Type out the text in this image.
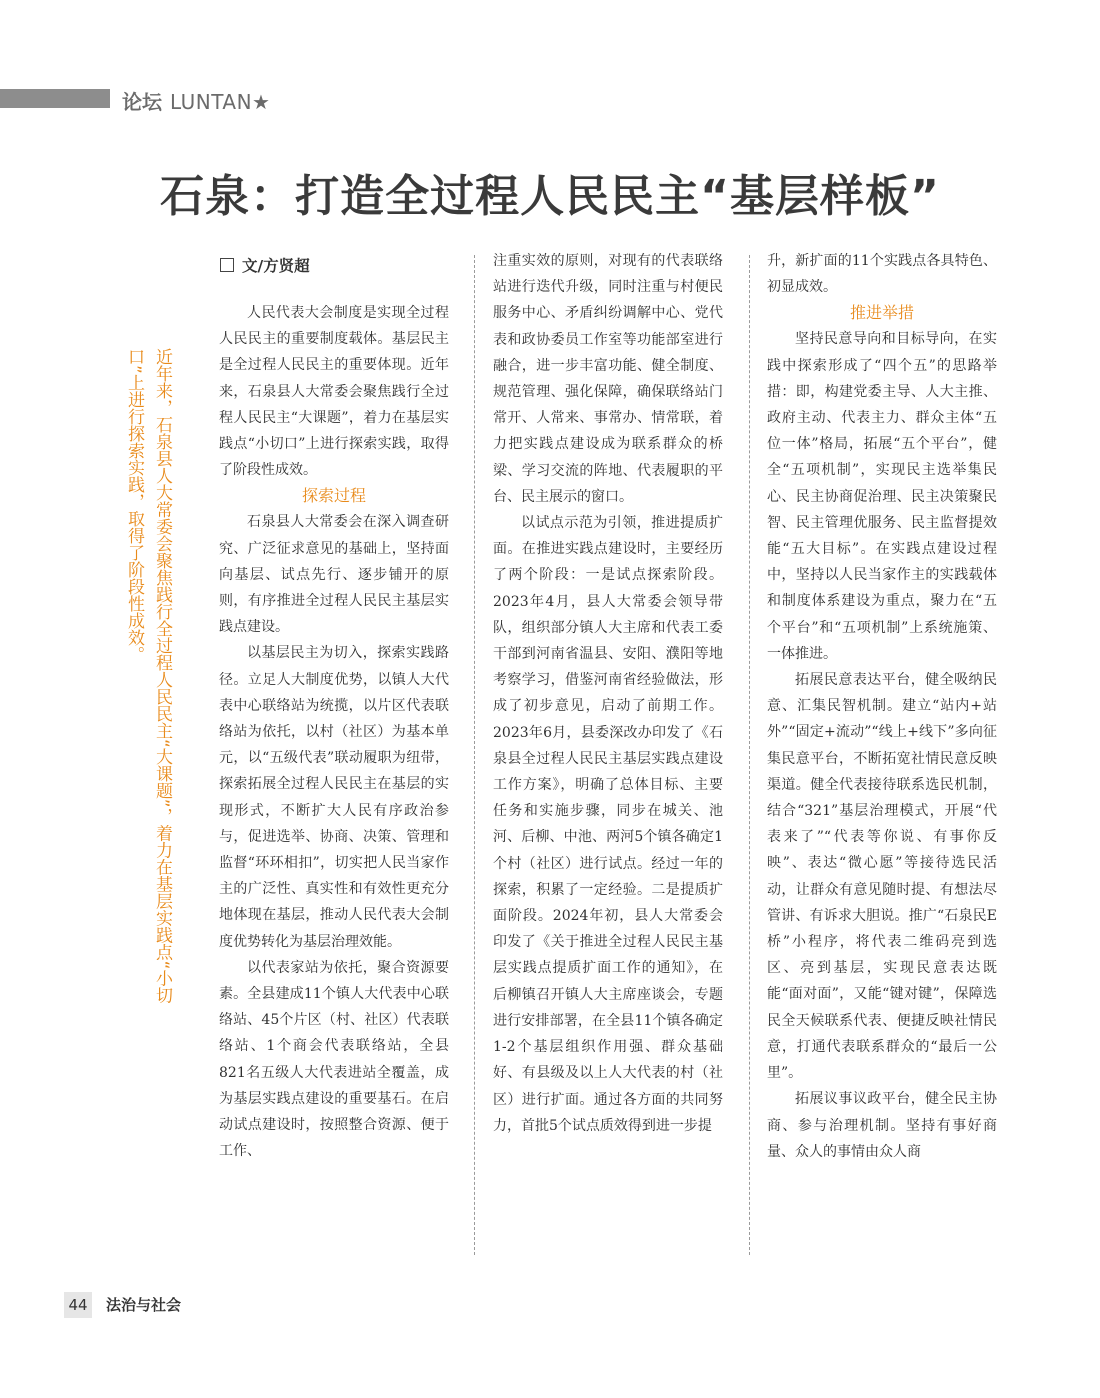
论坛 LUNTAN★
石泉：打造全过程人民民主“基层样板”
文/方贤超
近年来，石泉县人大常委会聚焦践行全过程人民民主“大课题”，着力在基层实践点“小切口”上进行探索实践，取得了阶段性成效。

人民代表大会制度是实现全过程人民民主的重要制度载体。基层民主是全过程人民民主的重要体现。近年来，石泉县人大常委会聚焦践行全过程人民民主“大课题”，着力在基层实践点“小切口”上进行探索实践，取得了阶段性成效。

探索过程

石泉县人大常委会在深入调查研究、广泛征求意见的基础上，坚持面向基层、试点先行、逐步铺开的原则，有序推进全过程人民民主基层实践点建设。

以基层民主为切入，探索实践路径。立足人大制度优势，以镇人大代表中心联络站为统揽，以片区代表联络站为依托，以村（社区）为基本单元，以“五级代表”联动履职为纽带，探索拓展全过程人民民主在基层的实现形式，不断扩大人民有序政治参与，促进选举、协商、决策、管理和监督“环环相扣”，切实把人民当家作主的广泛性、真实性和有效性更充分地体现在基层，推动人民代表大会制度优势转化为基层治理效能。

以代表家站为依托，聚合资源要素。全县建成11个镇人大代表中心联络站、45个片区（村、社区）代表联络站、1个商会代表联络站，全县821名五级人大代表进站全覆盖，成为基层实践点建设的重要基石。在启动试点建设时，按照整合资源、便于工作、

注重实效的原则，对现有的代表联络站进行迭代升级，同时注重与村便民服务中心、矛盾纠纷调解中心、党代表和政协委员工作室等功能部室进行融合，进一步丰富功能、健全制度、规范管理、强化保障，确保联络站门常开、人常来、事常办、情常联，着力把实践点建设成为联系群众的桥梁、学习交流的阵地、代表履职的平台、民主展示的窗口。

以试点示范为引领，推进提质扩面。在推进实践点建设时，主要经历了两个阶段：一是试点探索阶段。2023年4月，县人大常委会领导带队，组织部分镇人大主席和代表工委干部到河南省温县、安阳、濮阳等地考察学习，借鉴河南省经验做法，形成了初步意见，启动了前期工作。2023年6月，县委深改办印发了《石泉县全过程人民民主基层实践点建设工作方案》，明确了总体目标、主要任务和实施步骤，同步在城关、池河、后柳、中池、两河5个镇各确定1个村（社区）进行试点。经过一年的探索，积累了一定经验。二是提质扩面阶段。2024年初，县人大常委会印发了《关于推进全过程人民民主基层实践点提质扩面工作的通知》，在后柳镇召开镇人大主席座谈会，专题进行安排部署，在全县11个镇各确定1-2个基层组织作用强、群众基础好、有县级及以上人大代表的村（社区）进行扩面。通过各方面的共同努力，首批5个试点质效得到进一步提

升，新扩面的11个实践点各具特色、初显成效。

推进举措

坚持民意导向和目标导向，在实践中探索形成了“四个五”的思路举措：即，构建党委主导、人大主推、政府主动、代表主力、群众主体“五位一体”格局，拓展“五个平台”，健全“五项机制”，实现民主选举集民心、民主协商促治理、民主决策聚民智、民主管理优服务、民主监督提效能“五大目标”。在实践点建设过程中，坚持以人民当家作主的实践载体和制度体系建设为重点，聚力在“五个平台”和“五项机制”上系统施策、一体推进。

拓展民意表达平台，健全吸纳民意、汇集民智机制。建立“站内+站外”“固定+流动”“线上+线下”多向征集民意平台，不断拓宽社情民意反映渠道。健全代表接待联系选民机制，结合“321”基层治理模式，开展“代表来了”“代表等你说、有事你反映”、表达“微心愿”等接待选民活动，让群众有意见随时提、有想法尽管讲、有诉求大胆说。推广“石泉民E桥”小程序，将代表二维码亮到选区、亮到基层，实现民意表达既能“面对面”，又能“键对键”，保障选民全天候联系代表、便捷反映社情民意，打通代表联系群众的“最后一公里”。

拓展议事议政平台，健全民主协商、参与治理机制。坚持有事好商量、众人的事情由众人商

44 法治与社会
